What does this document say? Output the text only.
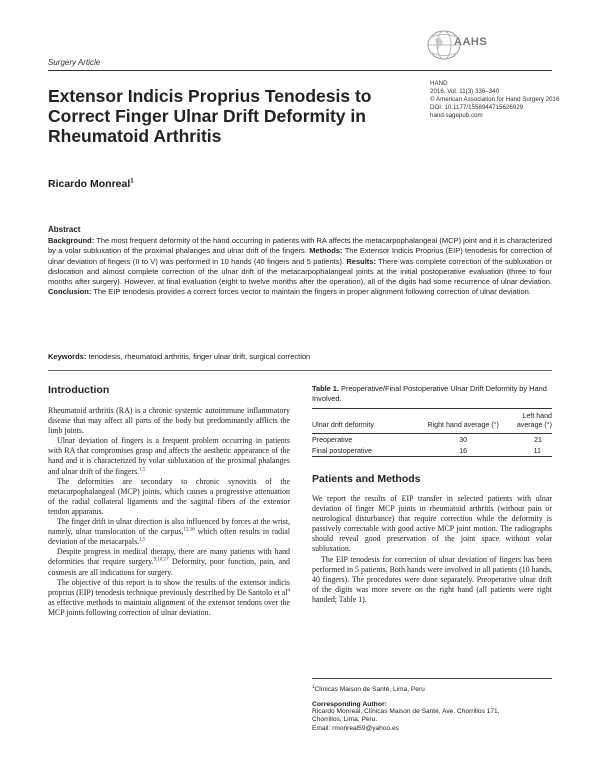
AAHS
HAND
2016, Vol. 11(3) 336–340
© American Association for Hand Surgery 2016
DOI: 10.1177/1558944715626929
hand.sagepub.com
Surgery Article
Extensor Indicis Proprius Tenodesis to Correct Finger Ulnar Drift Deformity in Rheumatoid Arthritis
Ricardo Monreal$^1$
Abstract
Background: The most frequent deformity of the hand occurring in patients with RA affects the metacarpophalangeal (MCP) joint and it is characterized by a volar subluxation of the proximal phalanges and ulnar drift of the fingers. Methods: The Extensor Indicis Proprius (EIP) tenodesis for correction of ulnar deviation of fingers (II to V) was performed in 10 hands (40 fingers and 5 patients). Results: There was complete correction of the subluxation or dislocation and almost complete correction of the ulnar drift of the metacarpophalangeal joints at the initial postoperative evaluation (three to four months after surgery). However, at final evaluation (eight to twelve months after the operation), all of the digits had some recurrence of ulnar deviation. Conclusion: The EIP tenodesis provides a correct forces vector to maintain the fingers in proper alignment following correction of ulnar deviation.
Keywords: tenodesis, rheumatoid arthritis, finger ulnar drift, surgical correction
Introduction

Rheumatoid arthritis (RA) is a chronic systemic autoimmune inflammatory disease that may affect all parts of the body but predominantly afflicts the limb joints.

Ulnar deviation of fingers is a frequent problem occurring in patients with RA that compromises grasp and affects the aesthetic appearance of the hand and it is characterized by volar subluxation of the proximal phalanges and ulnar drift of the fingers.$^{1,5}$

The deformities are secondary to chronic synovitis of the metacarpophalangeal (MCP) joints, which causes a progressive attenuation of the radial collateral ligaments and the sagittal fibers of the extensor tendon apparatus.

The finger drift in ulnar direction is also influenced by forces at the wrist, namely, ulnar translocation of the carpus,$^{12,16}$ which often results in radial deviation of the metacarpals.$^{1,5}$

Despite progress in medical therapy, there are many patients with hand deformities that require surgery.$^{9,10,17}$ Deformity, poor function, pain, and cosmesis are all indications for surgery.

The objective of this report is to show the results of the extensor indicis proprius (EIP) tenodesis technique previously described by De Santolo et $al^4$ as effective methods to maintain alignment of the extensor tendons over the MCP joints following correction of ulnar deviation.

Table 1. Preoperative/Final Postoperative Ulnar Drift Deformity by Hand Involved.
Ulnar drift deformity	Right hand average (°)	Left hand average (°)
Preoperative	30	21
Final postoperative	16	11
Patients and Methods

We report the results of EIP transfer in selected patients with ulnar deviation of finger MCP joints in rheumatoid arthritis (without pain or neurological disturbance) that require correction while the deformity is passively correctable with good active MCP joint motion. The radiographs should reveal good preservation of the joint space without volar subluxation.

The EIP tenodesis for correction of ulnar deviation of fingers has been performed in 5 patients. Both hands were involved in all patients (10 hands, 40 fingers). The procedures were done separately. Preoperative ulnar drift of the digits was more severe on the right hand (all patients were right handed; Table 1).

$^1$Clínicas Maison de Santé, Lima, Peru

Corresponding Author:

Ricardo Monreal, Clínicas Maison de Santé, Ave. Chorrillos 171,

Chorrillos, Lima, Peru.

Email: rmonreal59@yahoo.es
